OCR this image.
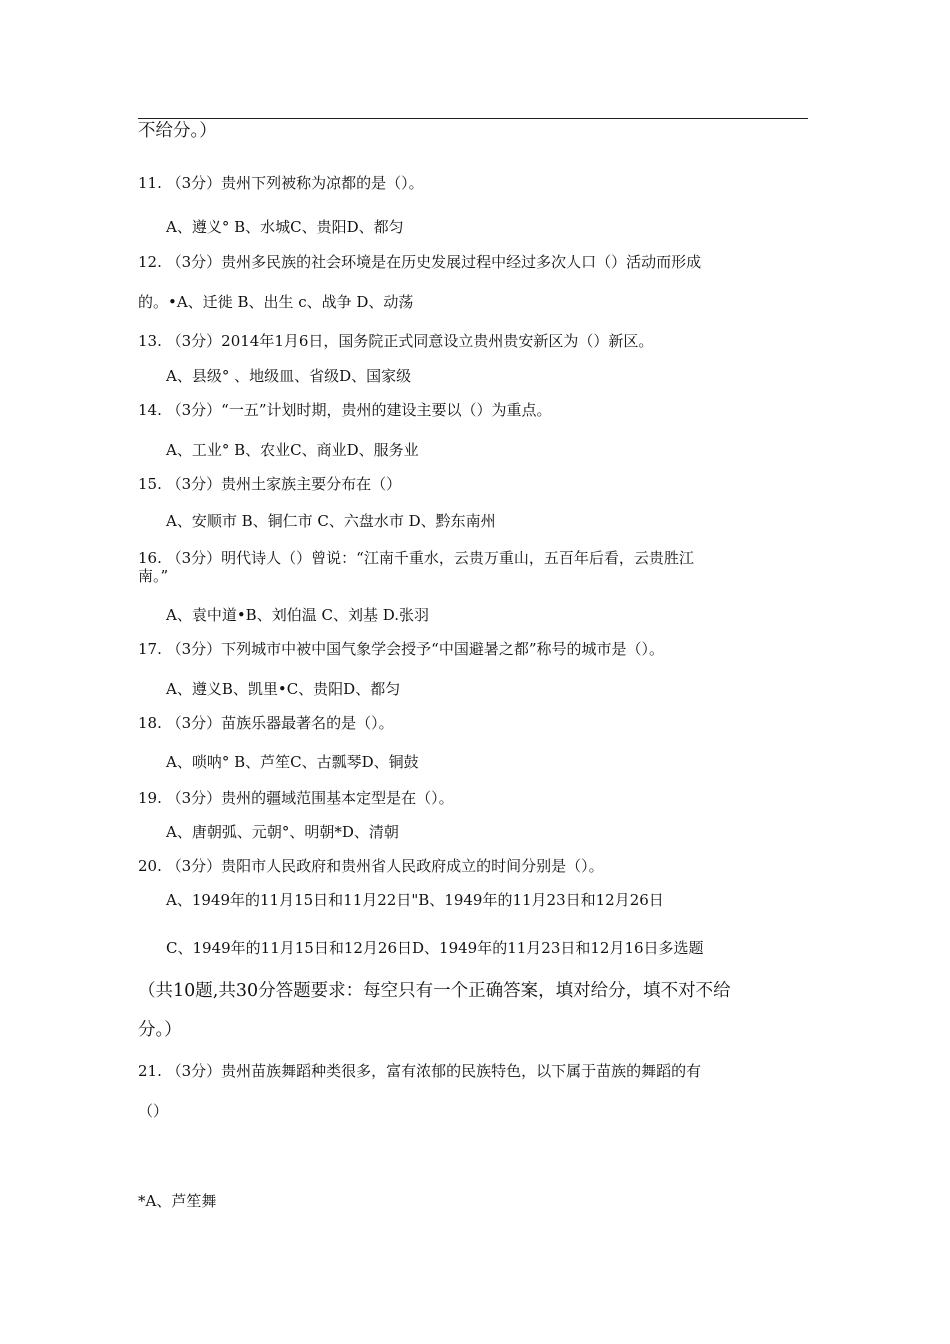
不给分。）
11. （3分）贵州下列被称为凉都的是（）。
A、遵义° B、水城C、贵阳D、都匀
12. （3分）贵州多民族的社会环境是在历史发展过程中经过多次人口（）活动而形成
的。•A、迁徙 B、出生 c、战争 D、动荡
13. （3分）2014年1月6日，国务院正式同意设立贵州贵安新区为（）新区。
A、县级° 、地级皿、省级D、国家级
14. （3分）“一五”计划时期，贵州的建设主要以（）为重点。
A、工业° B、农业C、商业D、服务业
15. （3分）贵州土家族主要分布在（）
A、安顺市 B、铜仁市 C、六盘水市 D、黔东南州
16. （3分）明代诗人（）曾说：“江南千重水，云贵万重山，五百年后看，云贵胜江
南。”
A、袁中道•B、刘伯温 C、刘基 D.张羽
17. （3分）下列城市中被中国气象学会授予“中国避暑之都”称号的城市是（）。
A、遵义B、凯里•C、贵阳D、都匀
18. （3分）苗族乐器最著名的是（）。
A、唢呐° B、芦笙C、古瓢琴D、铜鼓
19. （3分）贵州的疆域范围基本定型是在（）。
A、唐朝弧、元朝°、明朝*D、清朝
20. （3分）贵阳市人民政府和贵州省人民政府成立的时间分别是（）。
A、1949年的11月15日和11月22日"B、1949年的11月23日和12月26日
C、1949年的11月15日和12月26日D、1949年的11月23日和12月16日多选题
（共10题,共30分答题要求：每空只有一个正确答案，填对给分，填不对不给
分。）
21. （3分）贵州苗族舞蹈种类很多，富有浓郁的民族特色，以下属于苗族的舞蹈的有
（）
*A、芦笙舞
